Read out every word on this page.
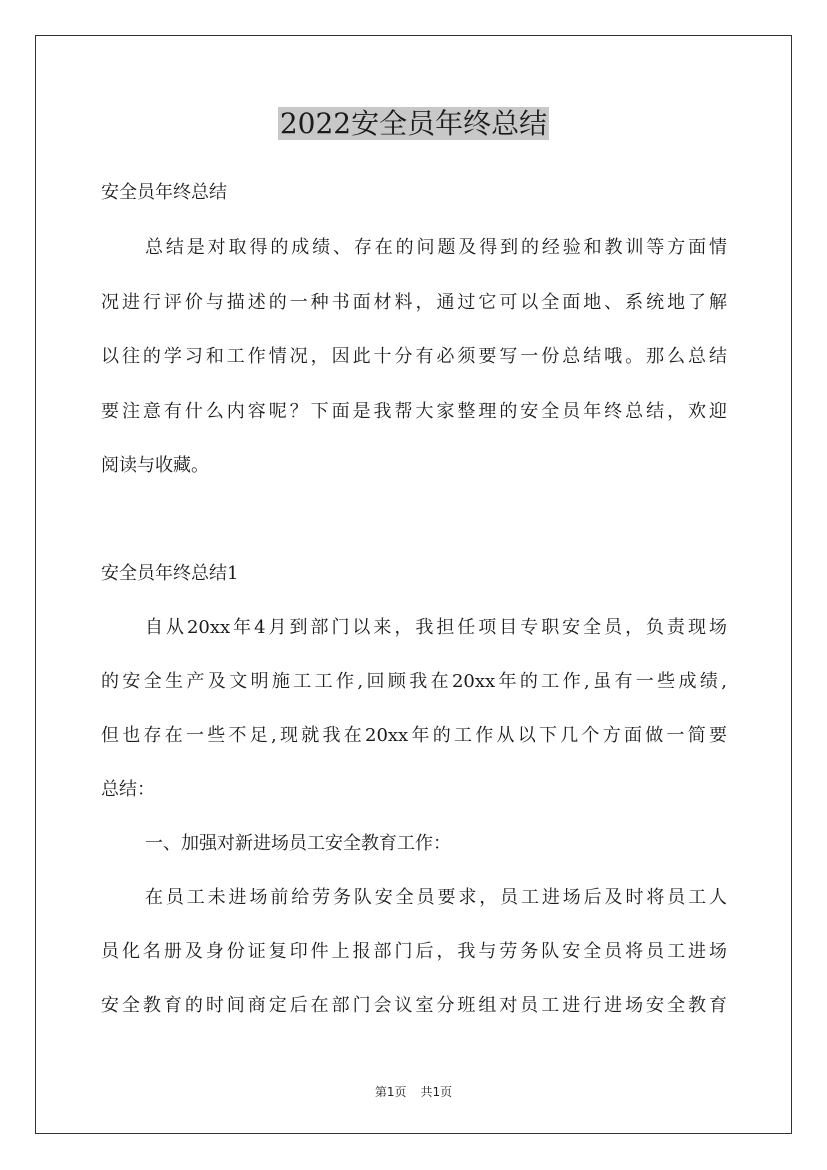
2022安全员年终总结
安全员年终总结
总结是对取得的成绩、存在的问题及得到的经验和教训等方面情
况进行评价与描述的一种书面材料，通过它可以全面地、系统地了解
以往的学习和工作情况，因此十分有必须要写一份总结哦。那么总结
要注意有什么内容呢？下面是我帮大家整理的安全员年终总结，欢迎
阅读与收藏。
安全员年终总结1
自从20xx年4月到部门以来，我担任项目专职安全员，负责现场
的安全生产及文明施工工作,回顾我在20xx年的工作,虽有一些成绩,
但也存在一些不足,现就我在20xx年的工作从以下几个方面做一简要
总结：
一、加强对新进场员工安全教育工作：
在员工未进场前给劳务队安全员要求，员工进场后及时将员工人
员化名册及身份证复印件上报部门后，我与劳务队安全员将员工进场
安全教育的时间商定后在部门会议室分班组对员工进行进场安全教育
第1页 共1页
